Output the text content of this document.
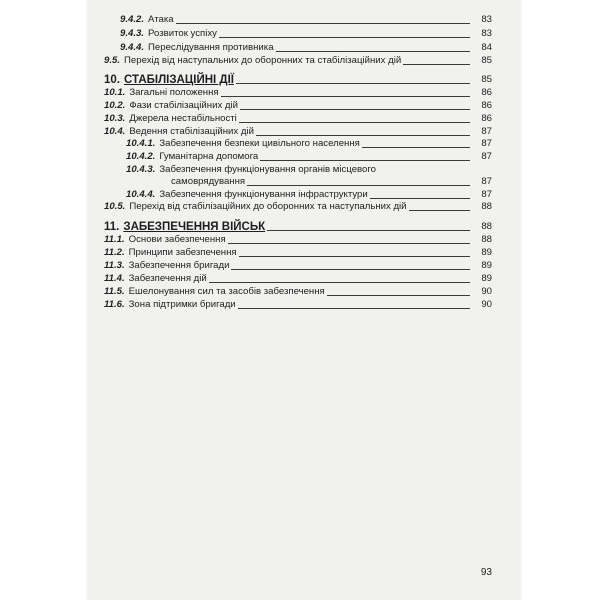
9.4.2. Атака	83
9.4.3. Розвиток успіху	83
9.4.4. Переслідування противника	84
9.5. Перехід від наступальних до оборонних та стабілізаційних дій	85
10. СТАБІЛІЗАЦІЙНІ ДІЇ	85
10.1. Загальні положення	86
10.2. Фази стабілізаційних дій	86
10.3. Джерела нестабільності	86
10.4. Ведення стабілізаційних дій	87
10.4.1. Забезпечення безпеки цивільного населення	87
10.4.2. Гуманітарна допомога	87
10.4.3. Забезпечення функціонування органів місцевого
самоврядування	87
10.4.4. Забезпечення функціонування інфраструктури	87
10.5. Перехід від стабілізаційних до оборонних та наступальних дій	88
11. ЗАБЕЗПЕЧЕННЯ ВІЙСЬК	88
11.1. Основи забезпечення	88
11.2. Принципи забезпечення	89
11.3. Забезпечення бригади	89
11.4. Забезпечення дій	89
11.5. Ешелонування сил та засобів забезпечення	90
11.6. Зона підтримки бригади	90
93
